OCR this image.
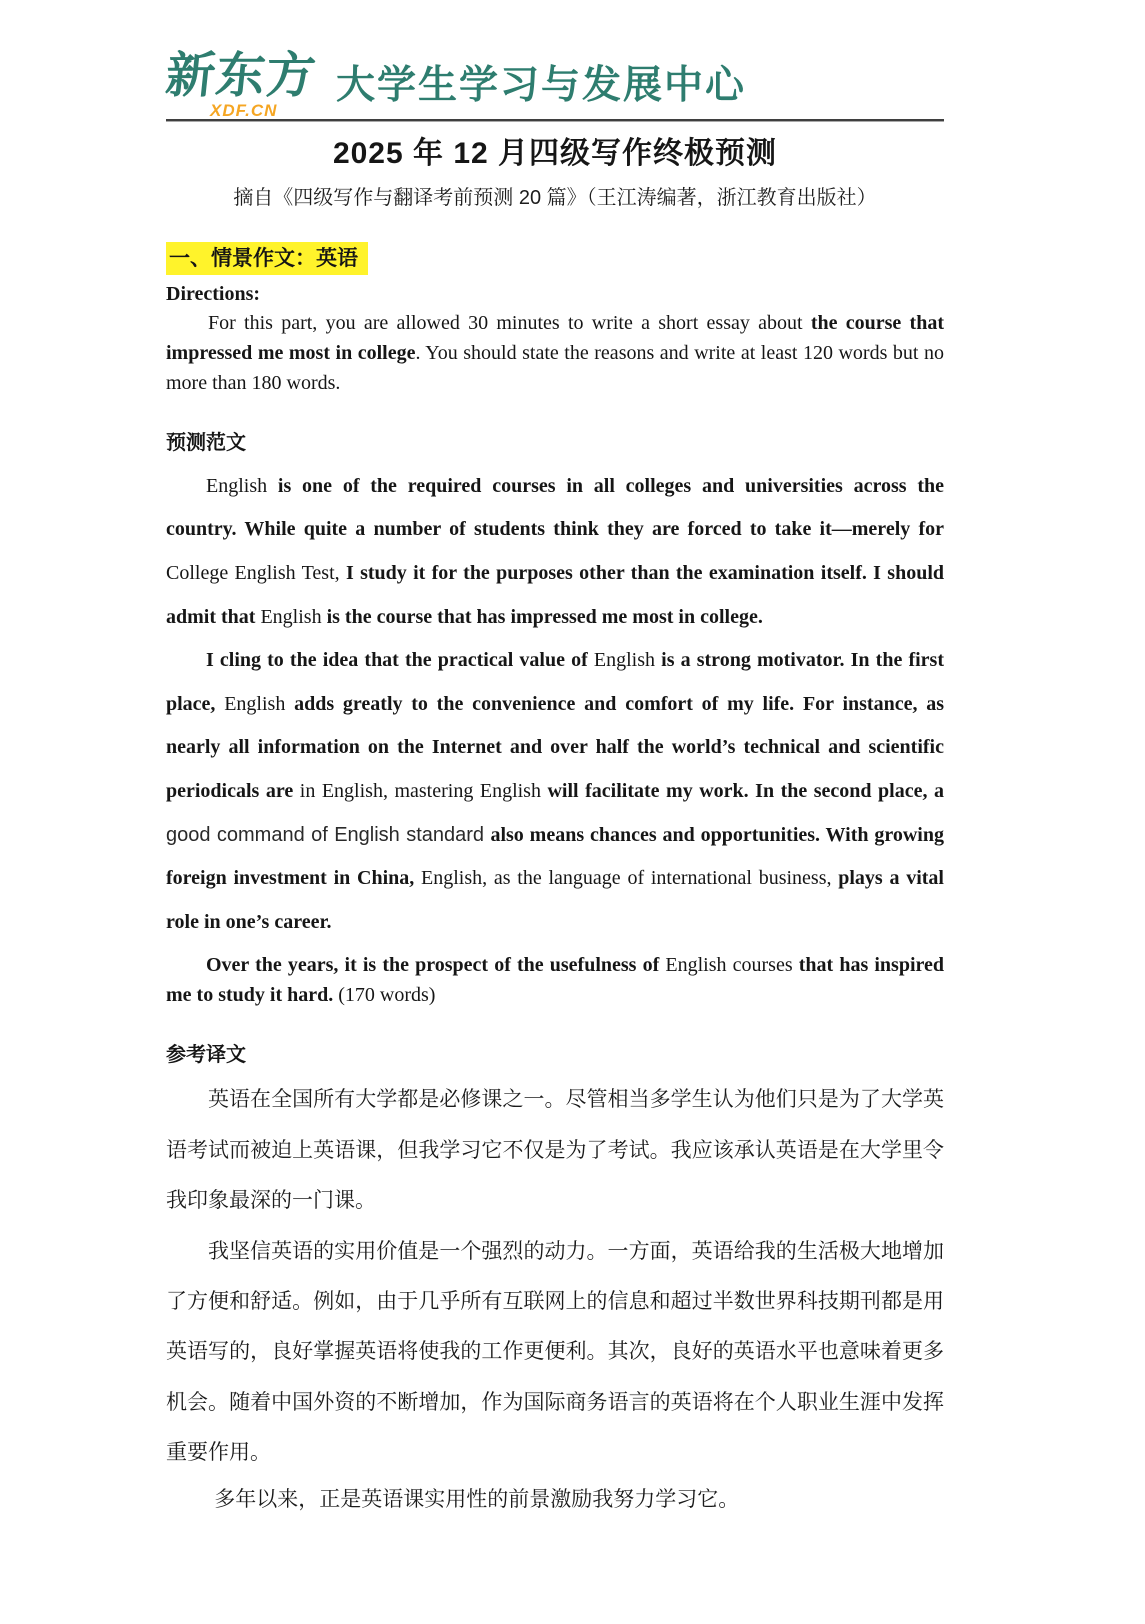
新东方
XDF.CN
大学生学习与发展中心
2025 年 12 月四级写作终极预测
摘自《四级写作与翻译考前预测 20 篇》（王江涛编著，浙江教育出版社）
一、情景作文：英语
Directions:

For this part, you are allowed 30 minutes to write a short essay about the course that impressed me most in college. You should state the reasons and write at least 120 words but no more than 180 words.

预测范文

English is one of the required courses in all colleges and universities across the country. While quite a number of students think they are forced to take it—merely for College English Test, I study it for the purposes other than the examination itself. I should admit that English is the course that has impressed me most in college.

I cling to the idea that the practical value of English is a strong motivator. In the first place, English adds greatly to the convenience and comfort of my life. For instance, as nearly all information on the Internet and over half the world’s technical and scientific periodicals are in English, mastering English will facilitate my work. In the second place, a good command of English standard also means chances and opportunities. With growing foreign investment in China, English, as the language of international business, plays a vital role in one’s career.

Over the years, it is the prospect of the usefulness of English courses that has inspired me to study it hard. (170 words)

参考译文

英语在全国所有大学都是必修课之一。尽管相当多学生认为他们只是为了大学英语考试而被迫上英语课，但我学习它不仅是为了考试。我应该承认英语是在大学里令我印象最深的一门课。

我坚信英语的实用价值是一个强烈的动力。一方面，英语给我的生活极大地增加了方便和舒适。例如，由于几乎所有互联网上的信息和超过半数世界科技期刊都是用英语写的，良好掌握英语将使我的工作更便利。其次，良好的英语水平也意味着更多机会。随着中国外资的不断增加，作为国际商务语言的英语将在个人职业生涯中发挥重要作用。

多年以来，正是英语课实用性的前景激励我努力学习它。
